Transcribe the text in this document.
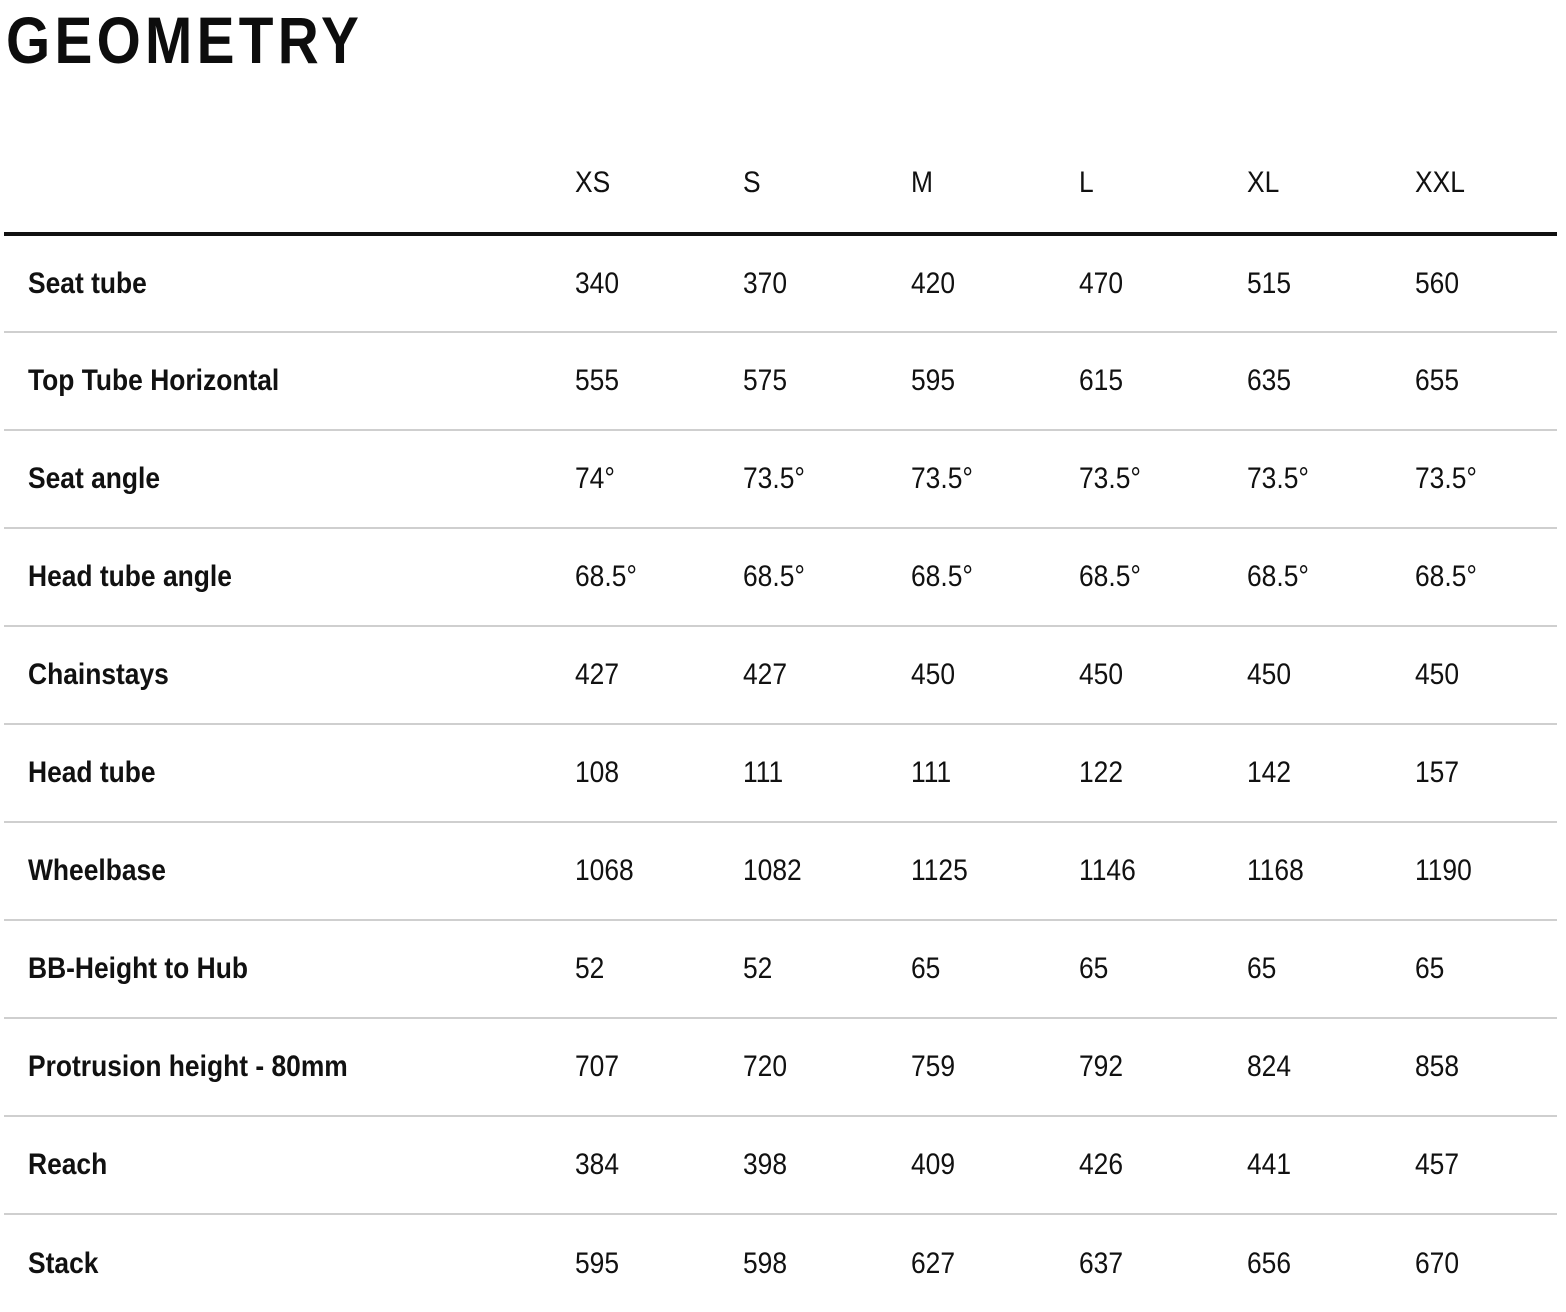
GEOMETRY
	XS	S	M	L	XL	XXL
Seat tube	340	370	420	470	515	560
Top Tube Horizontal	555	575	595	615	635	655
Seat angle	74°	73.5°	73.5°	73.5°	73.5°	73.5°
Head tube angle	68.5°	68.5°	68.5°	68.5°	68.5°	68.5°
Chainstays	427	427	450	450	450	450
Head tube	108	111	111	122	142	157
Wheelbase	1068	1082	1125	1146	1168	1190
BB-Height to Hub	52	52	65	65	65	65
Protrusion height - 80mm	707	720	759	792	824	858
Reach	384	398	409	426	441	457
Stack	595	598	627	637	656	670
